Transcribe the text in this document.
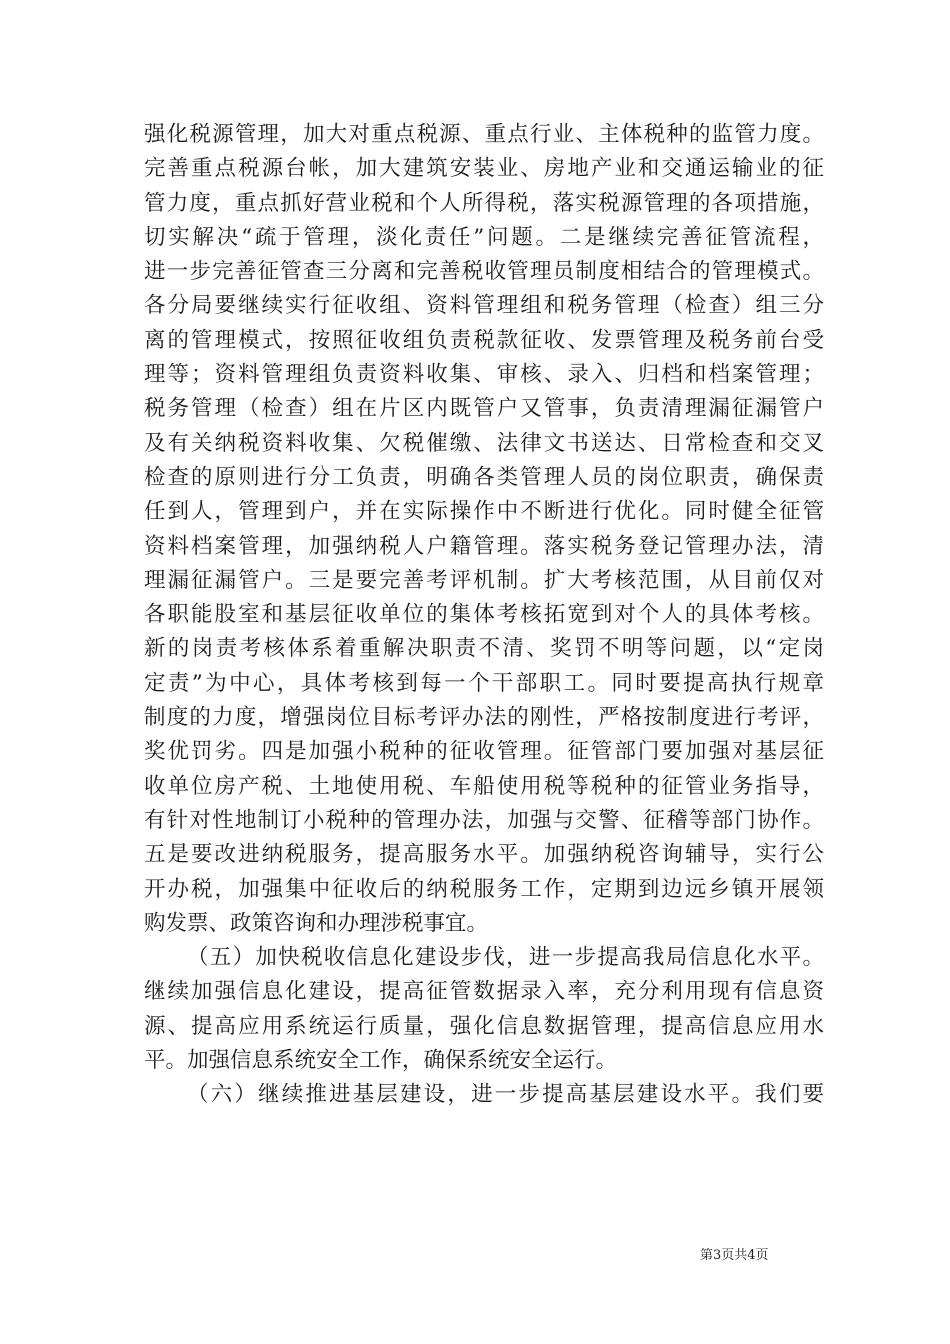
强化税源管理，加大对重点税源、重点行业、主体税种的监管力度。
完善重点税源台帐，加大建筑安装业、房地产业和交通运输业的征
管力度，重点抓好营业税和个人所得税，落实税源管理的各项措施，
切实解决“疏于管理，淡化责任”问题。二是继续完善征管流程，
进一步完善征管查三分离和完善税收管理员制度相结合的管理模式。
各分局要继续实行征收组、资料管理组和税务管理（检查）组三分
离的管理模式，按照征收组负责税款征收、发票管理及税务前台受
理等；资料管理组负责资料收集、审核、录入、归档和档案管理；
税务管理（检查）组在片区内既管户又管事，负责清理漏征漏管户
及有关纳税资料收集、欠税催缴、法律文书送达、日常检查和交叉
检查的原则进行分工负责，明确各类管理人员的岗位职责，确保责
任到人，管理到户，并在实际操作中不断进行优化。同时健全征管
资料档案管理，加强纳税人户籍管理。落实税务登记管理办法，清
理漏征漏管户。三是要完善考评机制。扩大考核范围，从目前仅对
各职能股室和基层征收单位的集体考核拓宽到对个人的具体考核。
新的岗责考核体系着重解决职责不清、奖罚不明等问题，以“定岗
定责”为中心，具体考核到每一个干部职工。同时要提高执行规章
制度的力度，增强岗位目标考评办法的刚性，严格按制度进行考评，
奖优罚劣。四是加强小税种的征收管理。征管部门要加强对基层征
收单位房产税、土地使用税、车船使用税等税种的征管业务指导，
有针对性地制订小税种的管理办法，加强与交警、征稽等部门协作。
五是要改进纳税服务，提高服务水平。加强纳税咨询辅导，实行公
开办税，加强集中征收后的纳税服务工作，定期到边远乡镇开展领
购发票、政策咨询和办理涉税事宜。
（五）加快税收信息化建设步伐，进一步提高我局信息化水平。
继续加强信息化建设，提高征管数据录入率，充分利用现有信息资
源、提高应用系统运行质量，强化信息数据管理，提高信息应用水
平。加强信息系统安全工作，确保系统安全运行。
（六）继续推进基层建设，进一步提高基层建设水平。我们要
第3页共4页
